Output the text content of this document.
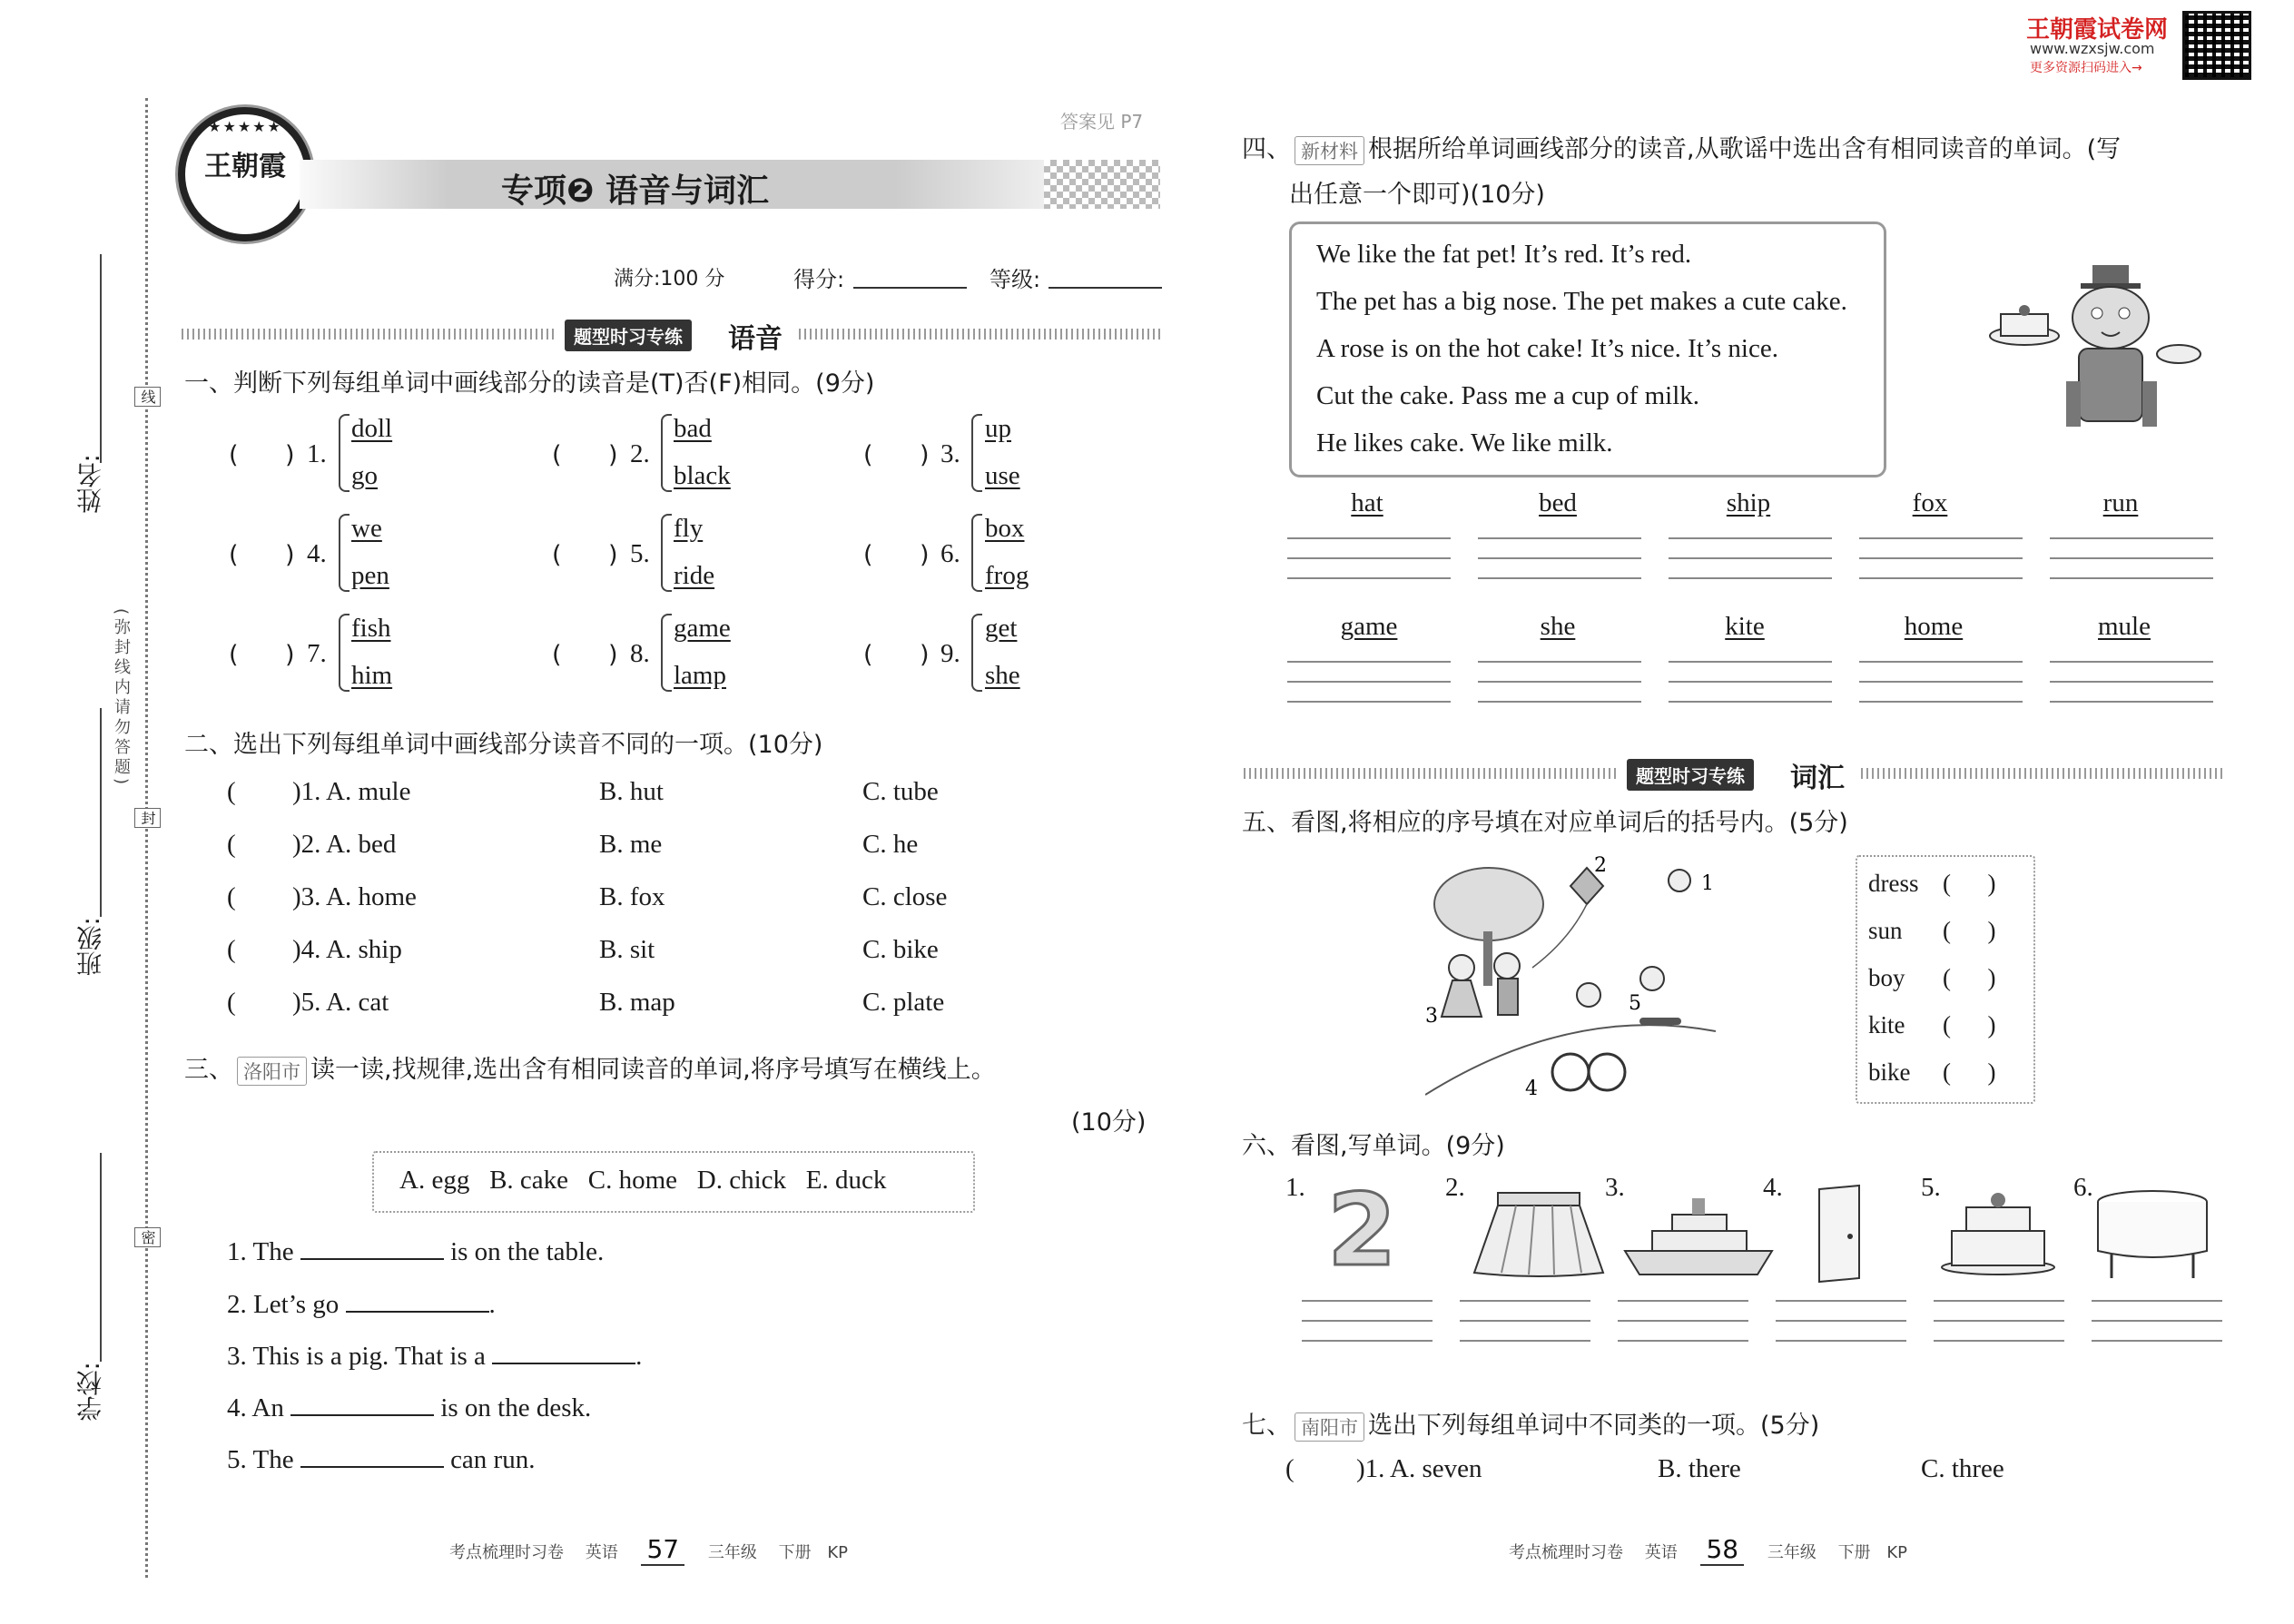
王朝霞试卷网
www.wzxsjw.com
更多资源扫码进入→
姓名:
班级:
学校:
(弥封线内请勿答题)
线
封
密
王朝霞
★★★★★
专项❷ 语音与词汇
答案见 P7
满分:100 分	得分:	等级:
题型时习专练	语音
一、判断下列每组单词中画线部分的读音是(T)否(F)相同。(9分)
(      ) 1.
doll
go
(      ) 2.
bad
black
(      ) 3.
up
use
(      ) 4.
we
pen
(      ) 5.
fly
ride
(      ) 6.
box
frog
(      ) 7.
fish
him
(      ) 8.
game
lamp
(      ) 9.
get
she
二、选出下列每组单词中画线部分读音不同的一项。(10分)
( )1. A. mule	B. hut	C. tube
( )2. A. bed	B. me	C. he
( )3. A. home	B. fox	C. close
( )4. A. ship	B. sit	C. bike
( )5. A. cat	B. map	C. plate
三、 洛阳市 读一读,找规律,选出含有相同读音的单词,将序号填写在横线上。
(10分)
A. egg   B. cake   C. home   D. chick   E. duck
1. The	is on the table.
2. Let’s go	.
3. This is a pig. That is a	.
4. An	is on the desk.
5. The	can run.
考点梳理时习卷 英语 57 三年级 下册 KP
四、 新材料 根据所给单词画线部分的读音,从歌谣中选出含有相同读音的单词。(写
出任意一个即可)(10分)
We like the fat pet! It’s red. It’s red.
The pet has a big nose. The pet makes a cute cake.
A rose is on the hot cake! It’s nice. It’s nice.
Cut the cake. Pass me a cup of milk.
He likes cake. We like milk.
hat	bed	ship	fox	run
game	she	kite	home	mule
题型时习专练	词汇
五、看图,将相应的序号填在对应单词后的括号内。(5分)
2
1
3
4
5
dress (      )
sun (      )
boy (      )
kite (      )
bike (      )
六、看图,写单词。(9分)
1. 2 2.	3.	4.	5.	6.
七、 南阳市 选出下列每组单词中不同类的一项。(5分)
( )1. A. seven	B. there	C. three
考点梳理时习卷 英语 58 三年级 下册 KP
